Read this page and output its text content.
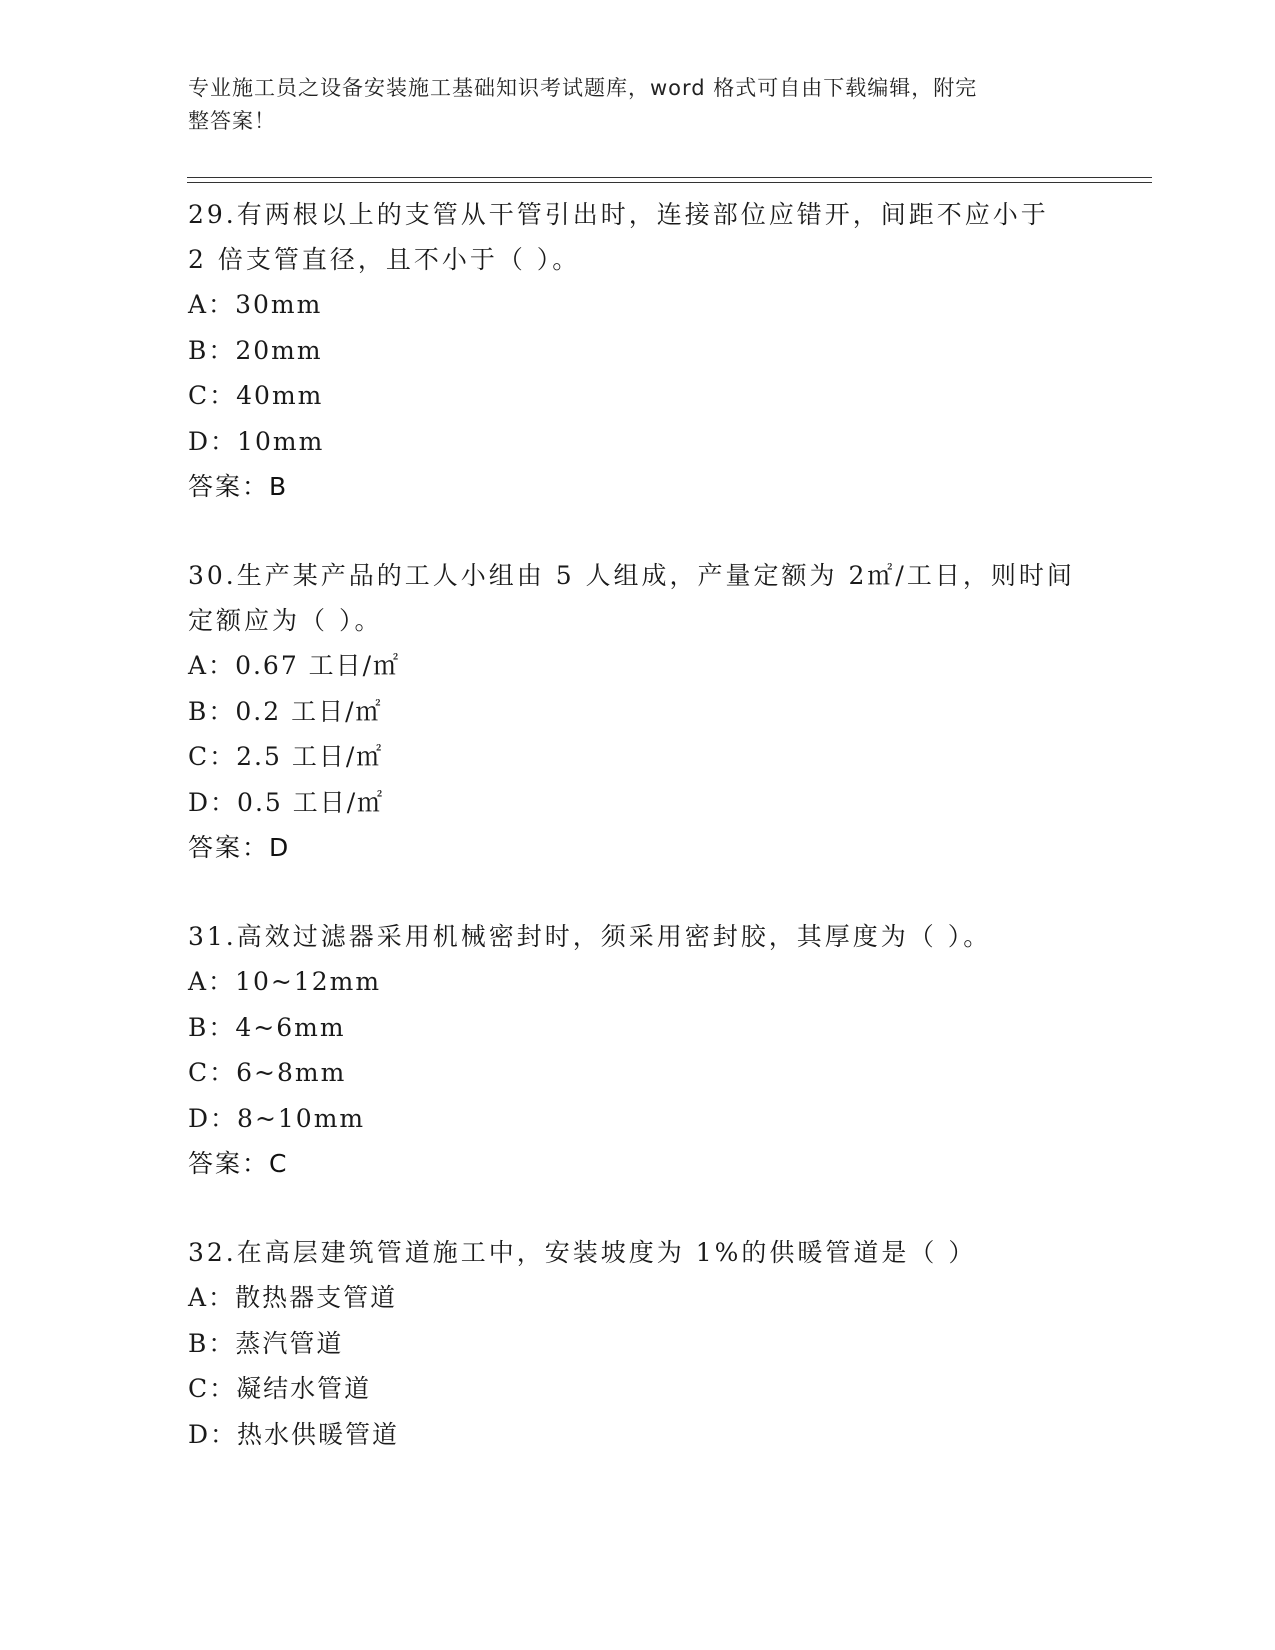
专业施工员之设备安装施工基础知识考试题库，word 格式可自由下载编辑，附完
整答案！
29.有两根以上的支管从干管引出时，连接部位应错开，间距不应小于
2 倍支管直径，且不小于（ ）。
A：30mm
B：20mm
C：40mm
D：10mm
答案：B
30.生产某产品的工人小组由 5 人组成，产量定额为 2㎡/工日，则时间
定额应为（ ）。
A：0.67 工日/㎡
B：0.2 工日/㎡
C：2.5 工日/㎡
D：0.5 工日/㎡
答案：D
31.高效过滤器采用机械密封时，须采用密封胶，其厚度为（ ）。
A：10~12mm
B：4~6mm
C：6~8mm
D：8~10mm
答案：C
32.在高层建筑管道施工中，安装坡度为 1%的供暖管道是（ ）
A：散热器支管道
B：蒸汽管道
C：凝结水管道
D：热水供暖管道
